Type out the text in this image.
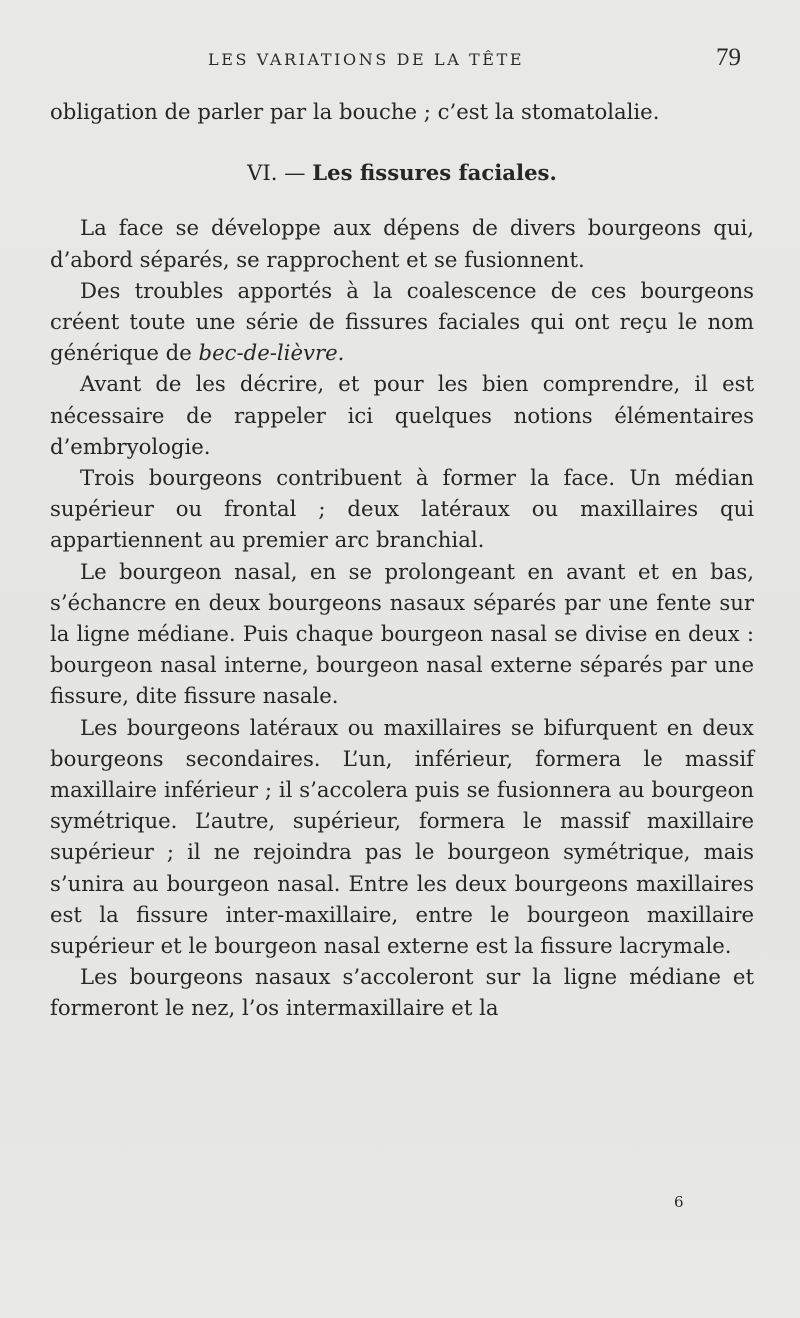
LES VARIATIONS DE LA TÊTE	79

obligation de parler par la bouche ; c’est la stomatolalie.

VI. — Les fissures faciales.

La face se développe aux dépens de divers bourgeons qui, d’abord séparés, se rapprochent et se fusionnent.

Des troubles apportés à la coalescence de ces bourgeons créent toute une série de fissures faciales qui ont reçu le nom générique de bec-de-lièvre.

Avant de les décrire, et pour les bien comprendre, il est nécessaire de rappeler ici quelques notions élémentaires d’embryologie.

Trois bourgeons contribuent à former la face. Un médian supérieur ou frontal ; deux latéraux ou maxillaires qui appartiennent au premier arc branchial.

Le bourgeon nasal, en se prolongeant en avant et en bas, s’échancre en deux bourgeons nasaux séparés par une fente sur la ligne médiane. Puis chaque bourgeon nasal se divise en deux : bourgeon nasal interne, bourgeon nasal externe séparés par une fissure, dite fissure nasale.

Les bourgeons latéraux ou maxillaires se bifurquent en deux bourgeons secondaires. L’un, inférieur, formera le massif maxillaire inférieur ; il s’accolera puis se fusionnera au bourgeon symétrique. L’autre, supérieur, formera le massif maxillaire supérieur ; il ne rejoindra pas le bourgeon symétrique, mais s’unira au bourgeon nasal. Entre les deux bourgeons maxillaires est la fissure inter-maxillaire, entre le bourgeon maxillaire supérieur et le bourgeon nasal externe est la fissure lacrymale.

Les bourgeons nasaux s’accoleront sur la ligne médiane et formeront le nez, l’os intermaxillaire et la

6
